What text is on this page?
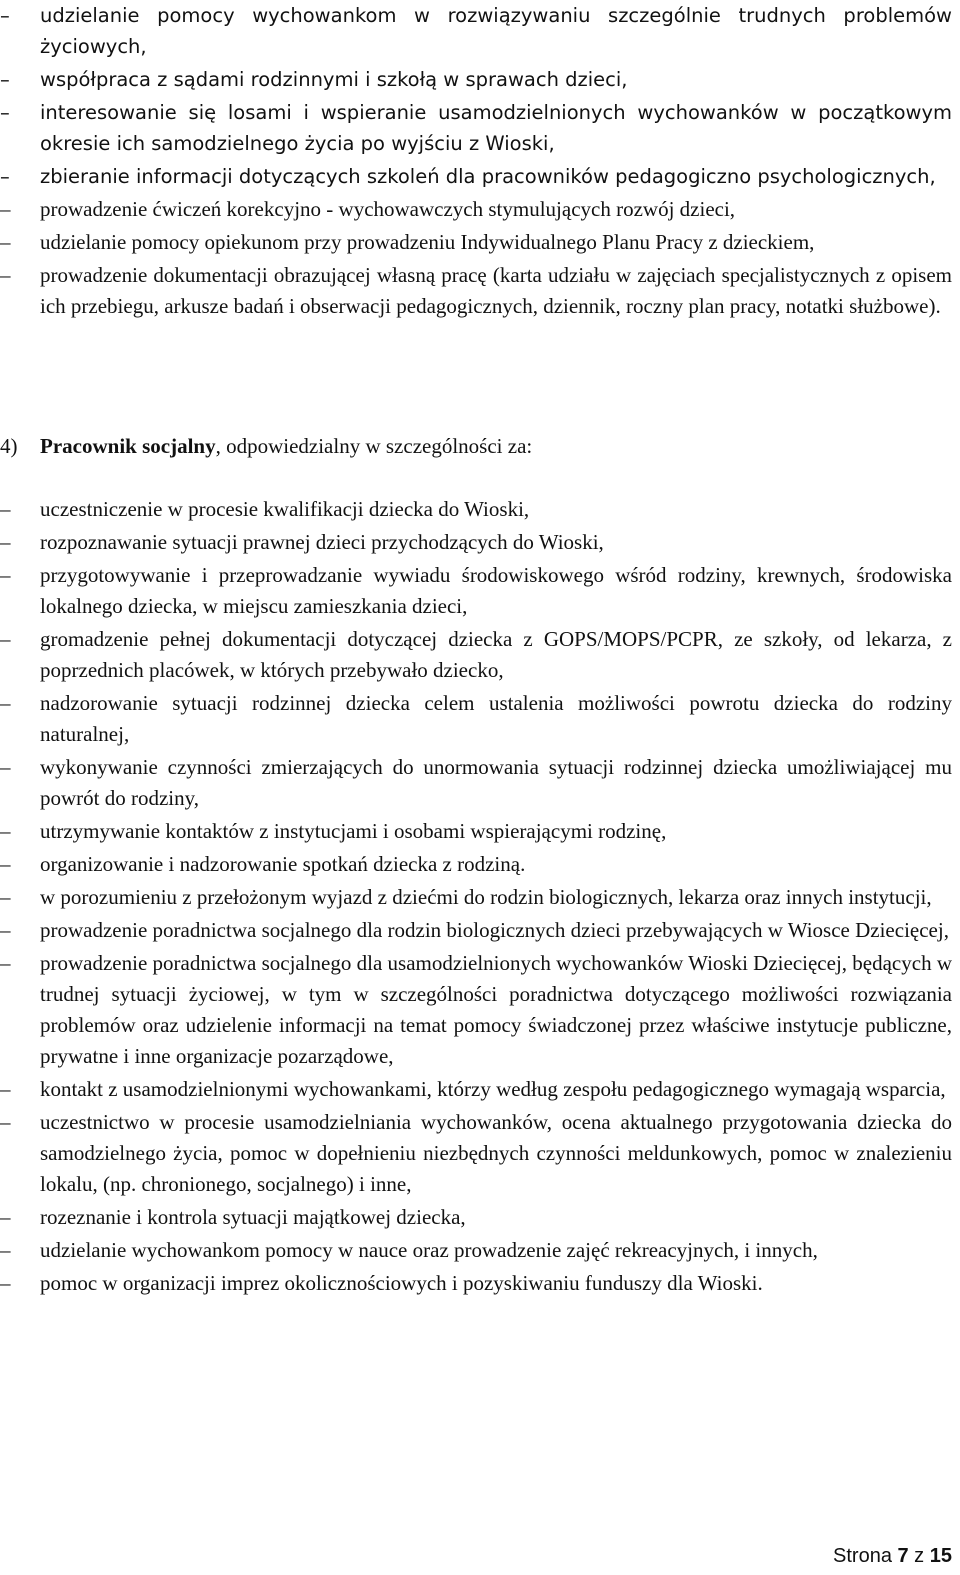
– udzielanie pomocy wychowankom w rozwiązywaniu szczególnie trudnych problemów życiowych,
– współpraca z sądami rodzinnymi i szkołą w sprawach dzieci,
– interesowanie się losami i wspieranie usamodzielnionych wychowanków w początkowym okresie ich samodzielnego życia po wyjściu z Wioski,
– zbieranie informacji dotyczących szkoleń dla pracowników pedagogiczno psychologicznych,
– prowadzenie ćwiczeń korekcyjno - wychowawczych stymulujących rozwój dzieci,
– udzielanie pomocy opiekunom przy prowadzeniu Indywidualnego Planu Pracy z dzieckiem,
– prowadzenie dokumentacji obrazującej własną pracę (karta udziału w zajęciach specjalistycznych z opisem ich przebiegu, arkusze badań i obserwacji pedagogicznych, dziennik, roczny plan pracy, notatki służbowe).
4) Pracownik socjalny, odpowiedzialny w szczególności za:
– uczestniczenie w procesie kwalifikacji dziecka do Wioski,
– rozpoznawanie sytuacji prawnej dzieci przychodzących do Wioski,
– przygotowywanie i przeprowadzanie wywiadu środowiskowego wśród rodziny, krewnych, środowiska lokalnego dziecka, w miejscu zamieszkania dzieci,
– gromadzenie pełnej dokumentacji dotyczącej dziecka z GOPS/MOPS/PCPR, ze szkoły, od lekarza, z poprzednich placówek, w których przebywało dziecko,
– nadzorowanie sytuacji rodzinnej dziecka celem ustalenia możliwości powrotu dziecka do rodziny naturalnej,
– wykonywanie czynności zmierzających do unormowania sytuacji rodzinnej dziecka umożliwiającej mu powrót do rodziny,
– utrzymywanie kontaktów z instytucjami i osobami wspierającymi rodzinę,
– organizowanie i nadzorowanie spotkań dziecka z rodziną.
– w porozumieniu z przełożonym wyjazd z dziećmi do rodzin biologicznych, lekarza oraz innych instytucji,
– prowadzenie poradnictwa socjalnego dla rodzin biologicznych dzieci przebywających w Wiosce Dziecięcej,
– prowadzenie poradnictwa socjalnego dla usamodzielnionych wychowanków Wioski Dziecięcej, będących w trudnej sytuacji życiowej, w tym w szczególności poradnictwa dotyczącego możliwości rozwiązania problemów oraz udzielenie informacji na temat pomocy świadczonej przez właściwe instytucje publiczne, prywatne i inne organizacje pozarządowe,
– kontakt z usamodzielnionymi wychowankami, którzy według zespołu pedagogicznego wymagają wsparcia,
– uczestnictwo w procesie usamodzielniania wychowanków, ocena aktualnego przygotowania dziecka do samodzielnego życia, pomoc w dopełnieniu niezbędnych czynności meldunkowych, pomoc w znalezieniu lokalu, (np. chronionego, socjalnego) i inne,
– rozeznanie i kontrola sytuacji majątkowej dziecka,
– udzielanie wychowankom pomocy w nauce oraz prowadzenie zajęć rekreacyjnych, i innych,
– pomoc w organizacji imprez okolicznościowych i pozyskiwaniu funduszy dla Wioski.
Strona 7 z 15
